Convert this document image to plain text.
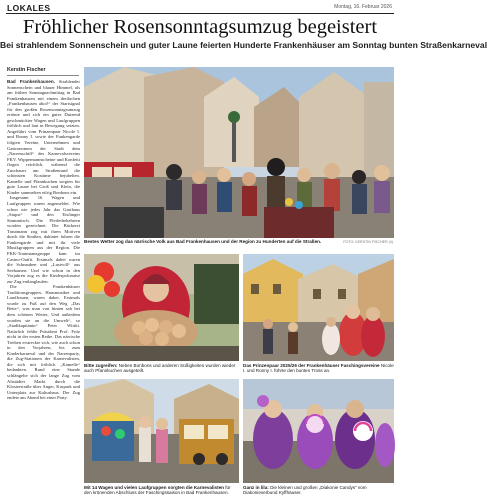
LOKALES	Montag, 16. Februar 2026
Fröhlicher Rosensonntagsumzug begeistert
Bei strahlendem Sonnenschein und guter Laune feierten Hunderte Frankenhäuser am Sonntag bunten Straßenkarneval
Kerstin Fischer

Bad Frankenhausen. Strahlender Sonnenschein und blauer Himmel, als am frühen Sonntagnachmittag in Bad Frankenhausen mit einem dreifachen „Frankenhausen ahoi!“ der Startsignal für den großen Rosensonntagsumzug ertönte und sich ein gutes Dutzend geschmückter Wagen und Laufgruppen fröhlich und laut in Bewegung setzten. Angeführt vom Prinzenpaar Nicole I. und Ronny I. sowie der Funkengarde folgten Vereine, Unternehmen und Gastronomen der Stadt dem „Narrenschiff“ des Karnevalsvereins FKV. Wippermannscheine und Konfetti flogen reichlich, während die Zuschauer am Straßenrand die schönsten Kostüme bejubelten. Kamelle und Pfannkuchen sorgten für gute Laune bei Groß und Klein, die Kinder sammelten eifrig Bonbons ein.

Insgesamt 16 Wagen und Laufgruppen waren angemeldet. Wie schon wie jedes Jahr das Gasthaus „Stupsi“ und den Eisfänger Stammtisch. Die Pfeiferbekehrten worden gezeichnet. Die Bäckerei Trautmann zog mit ihren Motiven durch die Straßen, dahinter fuhren die Funkengarde und mit ihr viele Musikgruppen aus der Region. Die FKK-Traumtanzgruppe kam im Casino-Outfit. Erstmals dabei waren die Schnauben und „Lustvoll“ aus Seehausen. Und wie schon in den Vorjahren zog es die Kinderpolonaise zur Zug entlanglaufen.

Die Frankenhäuser Traditionsgruppen, Hausmusiker und Landfrauen, waren dabei. Erstmals wurde zu Fuß auf den Weg „Das Bette“, was man von hinten sah bei dem schönen Wetter, Und außerdem wurden sie an die Umwelt“, so „Stadtkapitänin“ Peter Wittitt. Natürlich fehlte Präsident Prof. Fritz nicht in der ersten Reihe. Das närrische Treiben erstreckte sich, wie auch schon in den Vorjahren, bis zum Kinderkarneval und der Narrenparty, die Zug-Stationen der Karnevalisten, die sich mit fröhlich „Kamelle“ bedankten. Rund eine Stunde schlängelte sich der lange Zug vom Altstädter Markt durch die Klosterstraße über Anger, Kurpark und Unterplatz zur Kulturhaus. Der Zug endete am Abend bei einer Party.

Bestes Wetter zog das närrische Volk aus Bad Frankenhausen und der Region zu Hunderten auf die Straßen.	FOTO: KERSTIN FISCHER (4)
Bitte zugreifen: Neben Bonbons und anderen Süßigkeiten wurden wieder auch Pfannkuchen ausgeteilt.
Das Prinzenpaar 2025/26 der Frankenhäuser Faschingsvereine Nicole I. und Ronny I. führte den bunten Tross an.
Mit 14 Wagen und vielen Laufgruppen sorgten die Karnevalisten für den krönenden Abschluss der Faschingssaison in Bad Frankenhausen.
Ganz in lila: Die kleinen und großen „Diakonie Candys“ vom Diakonieverbund Kyffhäuser.
